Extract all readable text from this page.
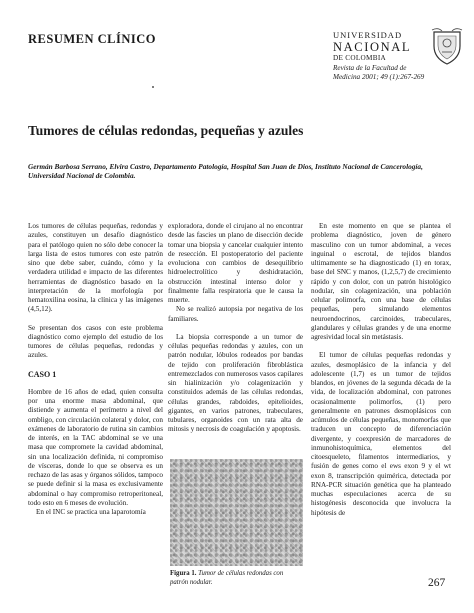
RESUMEN CLÍNICO	UNIVERSIDAD
NACIONAL
DE COLOMBIA
Revista de la Facultad de
Medicina 2001; 49 (1):267-269
Tumores de células redondas, pequeñas y azules
Germán Barbosa Serrano, Elvira Castro, Departamento Patología, Hospital San Juan de Dios, Instituto Nacional de Cancerología, Universidad Nacional de Colombia.

Los tumores de células pequeñas, redondas y azules, constituyen un desafío diagnóstico para el patólogo quien no sólo debe conocer la larga lista de estos tumores con este patrón sino que debe saber, cuándo, cómo y la verdadera utilidad e impacto de las diferentes herramientas de diagnóstico basado en la interpretación de la morfología por hematoxilina eosina, la clínica y las imágenes (4,5,12).

Se presentan dos casos con este problema diagnóstico como ejemplo del estudio de los tumores de células pequeñas, redondas y azules.

CASO 1

Hombre de 16 años de edad, quien consulta por una enorme masa abdominal, que distiende y aumenta el perímetro a nivel del ombligo, con circulación colateral y dolor, con exámenes de laboratorio de rutina sin cambios de interés, en la TAC abdominal se ve una masa que compromete la cavidad abdominal, sin una localización definida, ni compromiso de vísceras, donde lo que se observa es un rechazo de las asas y órganos sólidos, tampoco se puede definir si la masa es exclusivamente abdominal o hay compromiso retroperitoneal, todo esto en 6 meses de evolución.

En el INC se practica una laparotomía

exploradora, donde el cirujano al no encontrar desde las fascies un plano de disección decide tomar una biopsia y cancelar cualquier intento de resección. El postoperatorio del paciente evoluciona con cambios de desequilibrio hidroelectrolítico y deshidratación, obstrucción intestinal intenso dolor y finalmente falla respiratoria que le causa la muerte.

No se realizó autopsia por negativa de los familiares.

La biopsia corresponde a un tumor de células pequeñas redondas y azules, con un patrón nodular, lóbulos rodeados por bandas de tejido con proliferación fibroblástica entremezclados con numerosos vasos capilares sin hialinización y/o colagenización y constituidos además de las células redondas, células grandes, rabdoides, epitelioides, gigantes, en varios patrones, trabeculares, tubulares, organoides con un rata alta de mitosis y necrosis de coagulación y apoptosis.

Figura 1. Tumor de células redondas con patrón nodular.

En este momento en que se plantea el problema diagnóstico, joven de género masculino con un tumor abdominal, a veces inguinal o escrotal, de tejidos blandos ultimamente se ha diagnosticado (1) en torax, base del SNC y manos, (1,2,5,7) de crecimiento rápido y con dolor, con un patrón histológico nodular, sin colagenización, una población celular polimorfa, con una base de células pequeñas, pero simulando elementos neuroendocrinos, carcinoides, trabeculares, glandulares y células grandes y de una enorme agresividad local sin metástasis.

El tumor de células pequeñas redondas y azules, desmoplásico de la infancia y del adolescente (1,7) es un tumor de tejidos blandos, en jóvenes de la segunda década de la vida, de localización abdominal, con patrones ocasionalmente polimorfos, (1) pero generalmente en patrones desmoplásicos con acúmulos de células pequeñas, monomorfas que traducen un concepto de diferenciación divergente, y coexpresión de marcadores de inmunohistoquímica, elementos del citoesqueleto, filamentos intermediarios, y fusión de genes como el ews exon 9 y el wt exon 8, transcripción quimérica, detectada por RNA-PCR situación genética que ha planteado muchas especulaciones acerca de su histogénesis desconocida que involucra la hipótesis de

267
